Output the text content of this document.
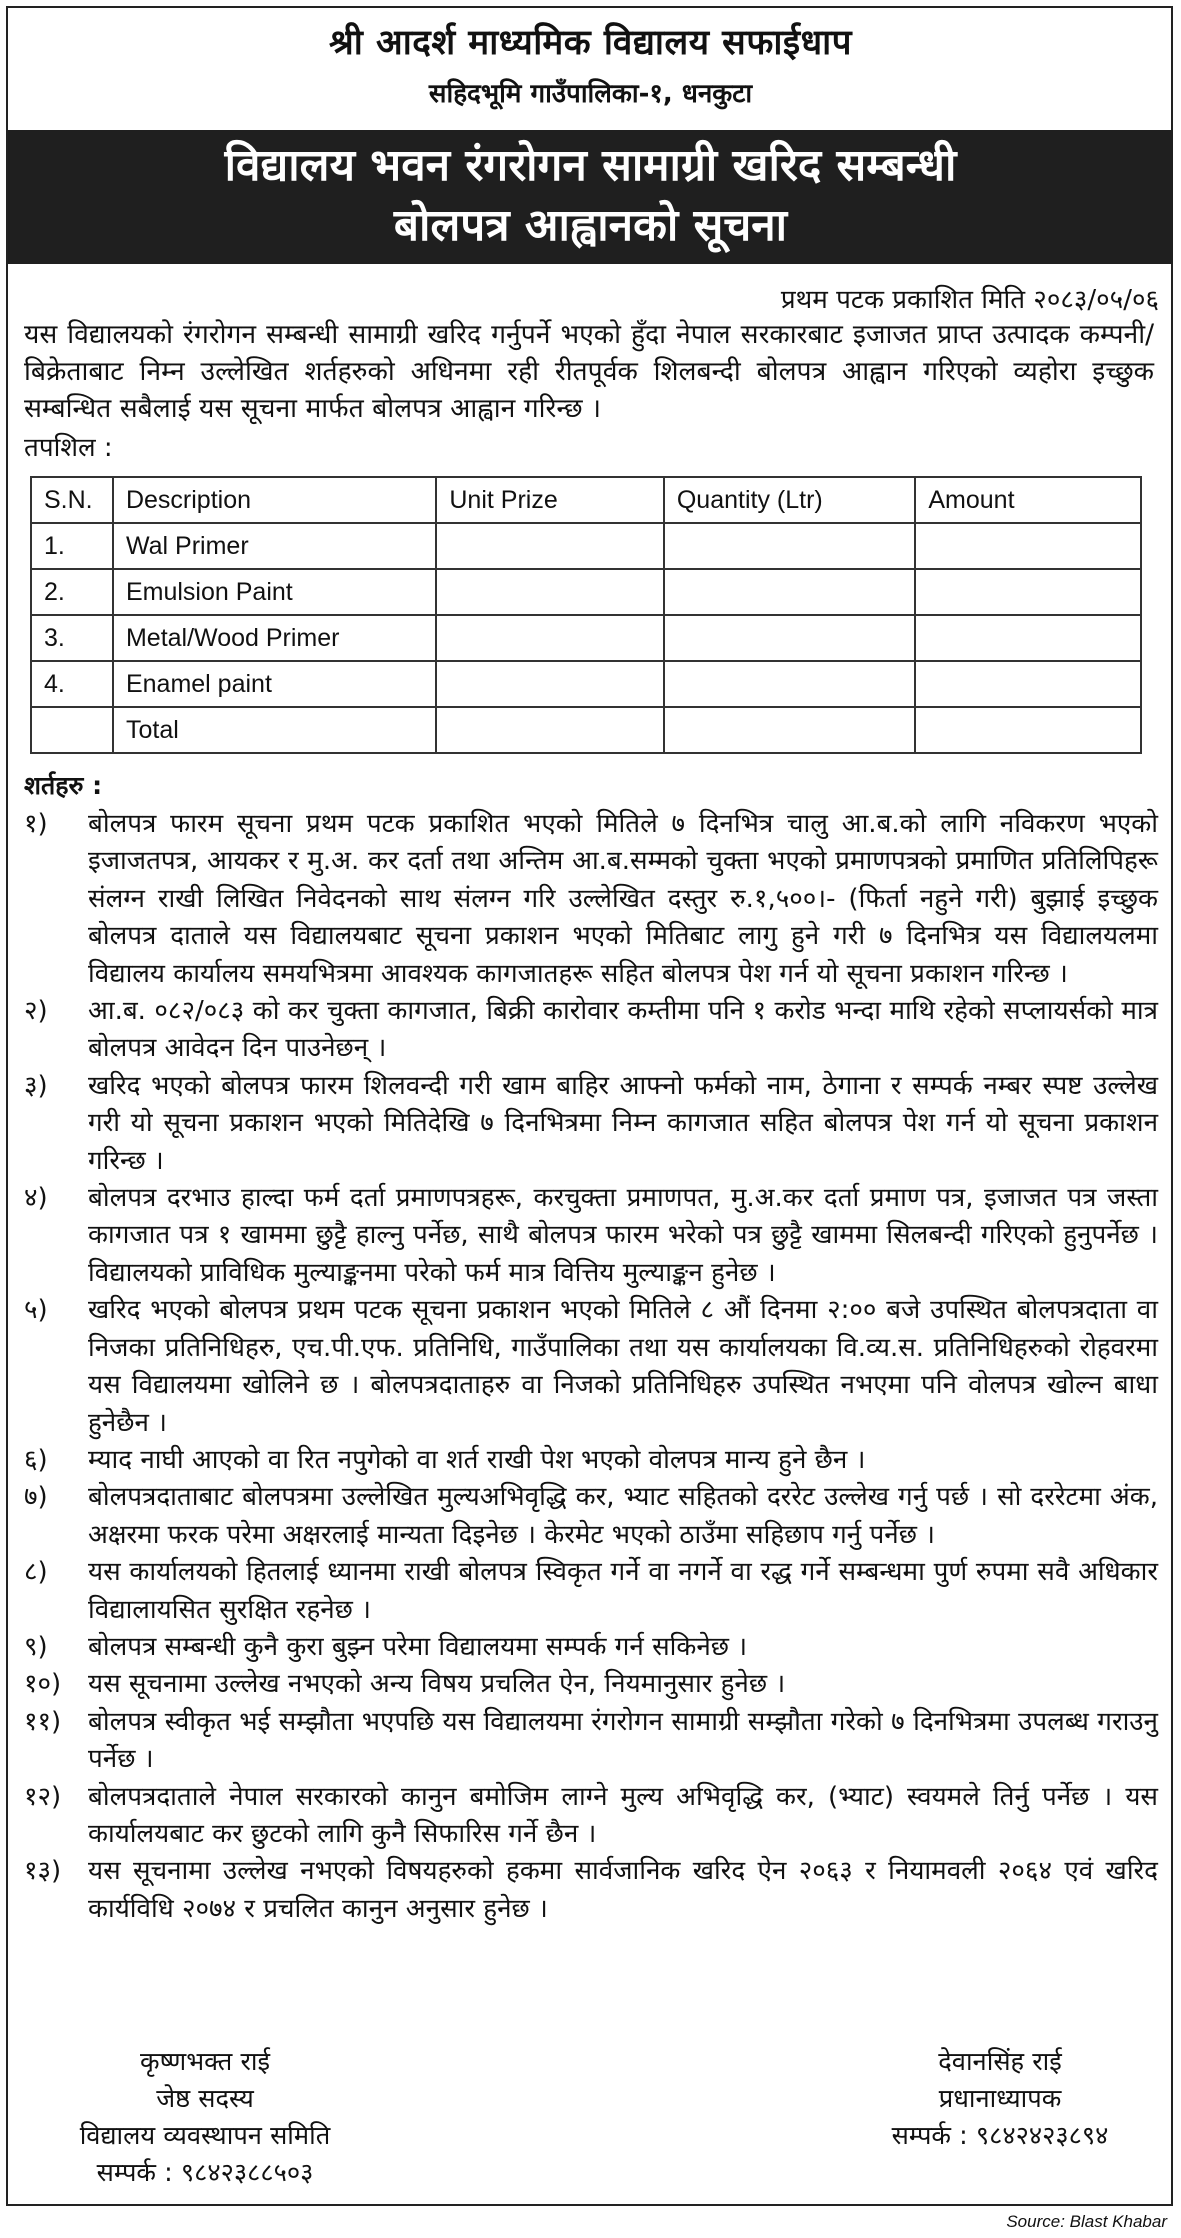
श्री आदर्श माध्यमिक विद्यालय सफाईधाप
सहिदभूमि गाउँपालिका-१, धनकुटा
विद्यालय भवन रंगरोगन सामाग्री खरिद सम्बन्धी
बोलपत्र आह्वानको सूचना
प्रथम पटक प्रकाशित मिति २०८३/०५/०६
यस विद्यालयको रंगरोगन सम्बन्धी सामाग्री खरिद गर्नुपर्ने भएको हुँदा नेपाल सरकारबाट इजाजत प्राप्त उत्पादक कम्पनी/बिक्रेताबाट निम्न उल्लेखित शर्तहरुको अधिनमा रही रीतपूर्वक शिलबन्दी बोलपत्र आह्वान गरिएको व्यहोरा इच्छुक सम्बन्धित सबैलाई यस सूचना मार्फत बोलपत्र आह्वान गरिन्छ ।
तपशिल :
S.N.	Description	Unit Prize	Quantity (Ltr)	Amount
1.	Wal Primer			
2.	Emulsion Paint			
3.	Metal/Wood Primer			
4.	Enamel paint			
	Total			
शर्तहरु :
१) बोलपत्र फारम सूचना प्रथम पटक प्रकाशित भएको मितिले ७ दिनभित्र चालु आ.ब.को लागि नविकरण भएको इजाजतपत्र, आयकर र मु.अ. कर दर्ता तथा अन्तिम आ.ब.सम्मको चुक्ता भएको प्रमाणपत्रको प्रमाणित प्रतिलिपिहरू संलग्न राखी लिखित निवेदनको साथ संलग्न गरि उल्लेखित दस्तुर रु.१,५००।- (फिर्ता नहुने गरी) बुझाई इच्छुक बोलपत्र दाताले यस विद्यालयबाट सूचना प्रकाशन भएको मितिबाट लागु हुने गरी ७ दिनभित्र यस विद्यालयलमा विद्यालय कार्यालय समयभित्रमा आवश्यक कागजातहरू सहित बोलपत्र पेश गर्न यो सूचना प्रकाशन गरिन्छ ।
२) आ.ब. ०८२/०८३ को कर चुक्ता कागजात, बिक्री कारोवार कम्तीमा पनि १ करोड भन्दा माथि रहेको सप्लायर्सको मात्र बोलपत्र आवेदन दिन पाउनेछन् ।
३) खरिद भएको बोलपत्र फारम शिलवन्दी गरी खाम बाहिर आफ्नो फर्मको नाम, ठेगाना र सम्पर्क नम्बर स्पष्ट उल्लेख गरी यो सूचना प्रकाशन भएको मितिदेखि ७ दिनभित्रमा निम्न कागजात सहित बोलपत्र पेश गर्न यो सूचना प्रकाशन गरिन्छ ।
४) बोलपत्र दरभाउ हाल्दा फर्म दर्ता प्रमाणपत्रहरू, करचुक्ता प्रमाणपत, मु.अ.कर दर्ता प्रमाण पत्र, इजाजत पत्र जस्ता कागजात पत्र १ खाममा छुट्टै हाल्नु पर्नेछ, साथै बोलपत्र फारम भरेको पत्र छुट्टै खाममा सिलबन्दी गरिएको हुनुपर्नेछ । विद्यालयको प्राविधिक मुल्याङ्कनमा परेको फर्म मात्र वित्तिय मुल्याङ्कन हुनेछ ।
५) खरिद भएको बोलपत्र प्रथम पटक सूचना प्रकाशन भएको मितिले ८ औं दिनमा २:०० बजे उपस्थित बोलपत्रदाता वा निजका प्रतिनिधिहरु, एच.पी.एफ. प्रतिनिधि, गाउँपालिका तथा यस कार्यालयका वि.व्य.स. प्रतिनिधिहरुको रोहवरमा यस विद्यालयमा खोलिने छ । बोलपत्रदाताहरु वा निजको प्रतिनिधिहरु उपस्थित नभएमा पनि वोलपत्र खोल्न बाधा हुनेछैन ।
६) म्याद नाघी आएको वा रित नपुगेको वा शर्त राखी पेश भएको वोलपत्र मान्य हुने छैन ।
७) बोलपत्रदाताबाट बोलपत्रमा उल्लेखित मुल्यअभिवृद्धि कर, भ्याट सहितको दररेट उल्लेख गर्नु पर्छ । सो दररेटमा अंक, अक्षरमा फरक परेमा अक्षरलाई मान्यता दिइनेछ । केरमेट भएको ठाउँमा सहिछाप गर्नु पर्नेछ ।
८) यस कार्यालयको हितलाई ध्यानमा राखी बोलपत्र स्विकृत गर्ने वा नगर्ने वा रद्ध गर्ने सम्बन्धमा पुर्ण रुपमा सवै अधिकार विद्यालायसित सुरक्षित रहनेछ ।
९) बोलपत्र सम्बन्धी कुनै कुरा बुझ्न परेमा विद्यालयमा सम्पर्क गर्न सकिनेछ ।
१०) यस सूचनामा उल्लेख नभएको अन्य विषय प्रचलित ऐन, नियमानुसार हुनेछ ।
११) बोलपत्र स्वीकृत भई सम्झौता भएपछि यस विद्यालयमा रंगरोगन सामाग्री सम्झौता गरेको ७ दिनभित्रमा उपलब्ध गराउनु पर्नेछ ।
१२) बोलपत्रदाताले नेपाल सरकारको कानुन बमोजिम लाग्ने मुल्य अभिवृद्धि कर, (भ्याट) स्वयमले तिर्नु पर्नेछ । यस कार्यालयबाट कर छुटको लागि कुनै सिफारिस गर्ने छैन ।
१३) यस सूचनामा उल्लेख नभएको विषयहरुको हकमा सार्वजानिक खरिद ऐन २०६३ र नियामवली २०६४ एवं खरिद कार्यविधि २०७४ र प्रचलित कानुन अनुसार हुनेछ ।
कृष्णभक्त राई
जेष्ठ सदस्य
विद्यालय व्यवस्थापन समिति
सम्पर्क : ९८४२३८८५०३
देवानसिंह राई
प्रधानाध्यापक
सम्पर्क : ९८४२४२३८९४
Source: Blast Khabar
